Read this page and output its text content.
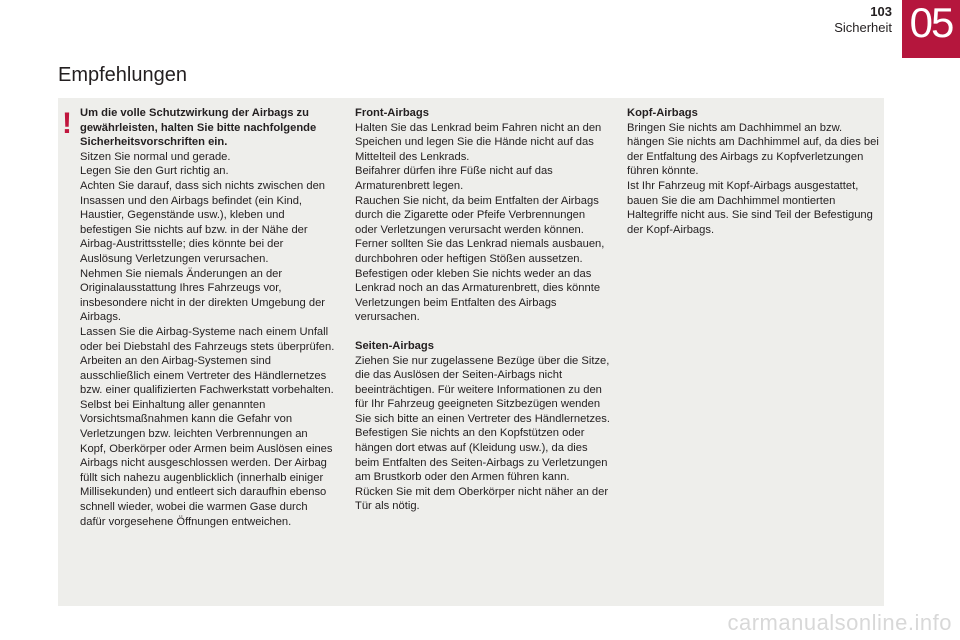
103
Sicherheit 05
Empfehlungen
! Um die volle Schutzwirkung der Airbags zu gewährleisten, halten Sie bitte nachfolgende Sicherheitsvorschriften ein.

Sitzen Sie normal und gerade.

Legen Sie den Gurt richtig an.

Achten Sie darauf, dass sich nichts zwischen den Insassen und den Airbags befindet (ein Kind, Haustier, Gegenstände usw.), kleben und befestigen Sie nichts auf bzw. in der Nähe der Airbag-Austrittsstelle; dies könnte bei der Auslösung Verletzungen verursachen.

Nehmen Sie niemals Änderungen an der Originalausstattung Ihres Fahrzeugs vor, insbesondere nicht in der direkten Umgebung der Airbags.

Lassen Sie die Airbag-Systeme nach einem Unfall oder bei Diebstahl des Fahrzeugs stets überprüfen.

Arbeiten an den Airbag-Systemen sind ausschließlich einem Vertreter des Händlernetzes bzw. einer qualifizierten Fachwerkstatt vorbehalten.

Selbst bei Einhaltung aller genannten Vorsichtsmaßnahmen kann die Gefahr von Verletzungen bzw. leichten Verbrennungen an Kopf, Oberkörper oder Armen beim Auslösen eines Airbags nicht ausgeschlossen werden. Der Airbag füllt sich nahezu augenblicklich (innerhalb einiger Millisekunden) und entleert sich daraufhin ebenso schnell wieder, wobei die warmen Gase durch dafür vorgesehene Öffnungen entweichen.

Front-Airbags

Halten Sie das Lenkrad beim Fahren nicht an den Speichen und legen Sie die Hände nicht auf das Mittelteil des Lenkrads.

Beifahrer dürfen ihre Füße nicht auf das Armaturenbrett legen.

Rauchen Sie nicht, da beim Entfalten der Airbags durch die Zigarette oder Pfeife Verbrennungen oder Verletzungen verursacht werden können.

Ferner sollten Sie das Lenkrad niemals ausbauen, durchbohren oder heftigen Stößen aussetzen.

Befestigen oder kleben Sie nichts weder an das Lenkrad noch an das Armaturenbrett, dies könnte Verletzungen beim Entfalten des Airbags verursachen.

Seiten-Airbags

Ziehen Sie nur zugelassene Bezüge über die Sitze, die das Auslösen der Seiten-Airbags nicht beeinträchtigen. Für weitere Informationen zu den für Ihr Fahrzeug geeigneten Sitzbezügen wenden Sie sich bitte an einen Vertreter des Händlernetzes.

Befestigen Sie nichts an den Kopfstützen oder hängen dort etwas auf (Kleidung usw.), da dies beim Entfalten des Seiten-Airbags zu Verletzungen am Brustkorb oder den Armen führen kann.

Rücken Sie mit dem Oberkörper nicht näher an der Tür als nötig.

Kopf-Airbags

Bringen Sie nichts am Dachhimmel an bzw. hängen Sie nichts am Dachhimmel auf, da dies bei der Entfaltung des Airbags zu Kopfverletzungen führen könnte.

Ist Ihr Fahrzeug mit Kopf-Airbags ausgestattet, bauen Sie die am Dachhimmel montierten Haltegriffe nicht aus. Sie sind Teil der Befestigung der Kopf-Airbags.

carmanualsonline.info
